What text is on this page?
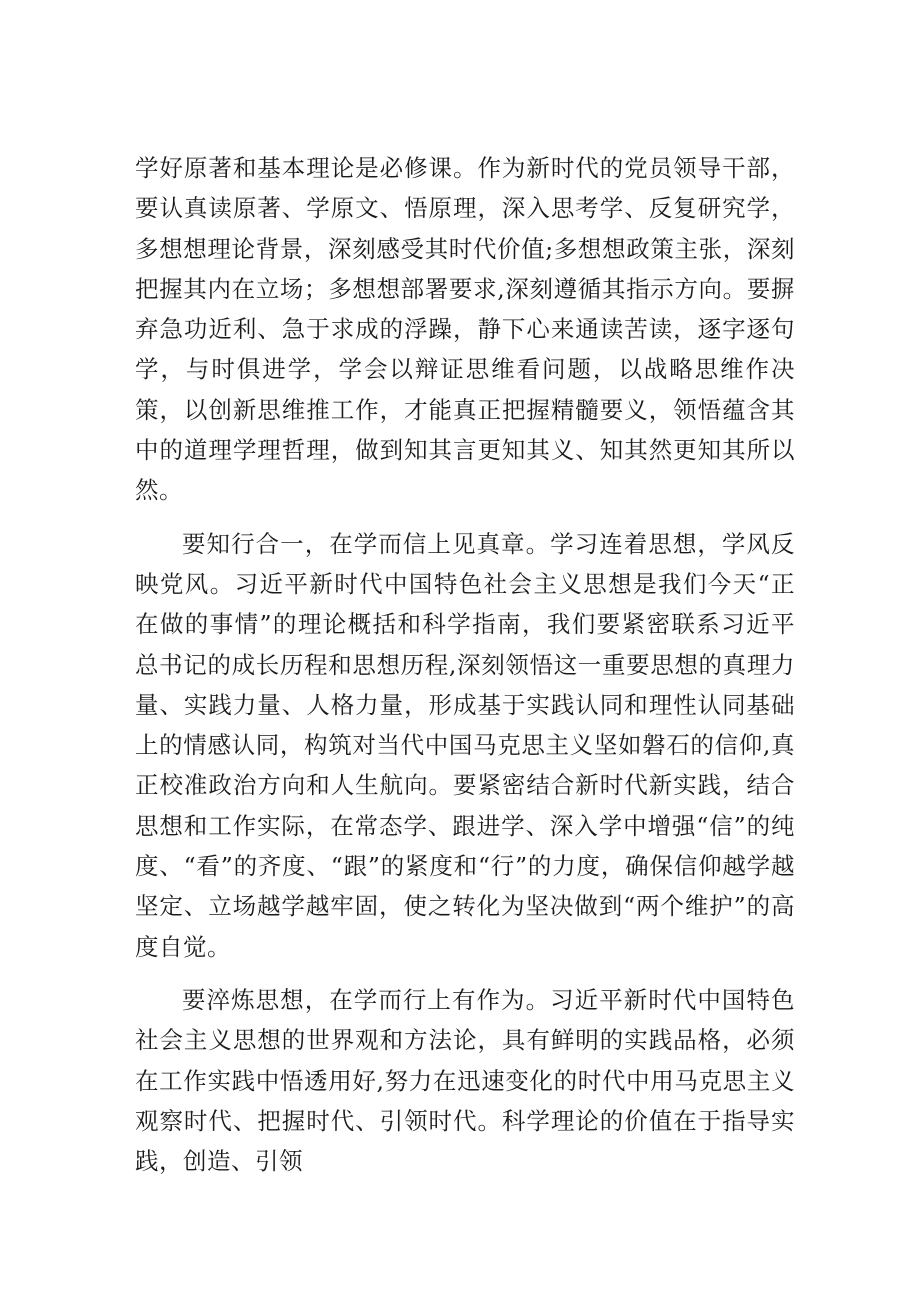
学好原著和基本理论是必修课。作为新时代的党员领导干部，要认真读原著、学原文、悟原理，深入思考学、反复研究学，多想想理论背景，深刻感受其时代价值;多想想政策主张，深刻把握其内在立场；多想想部署要求,深刻遵循其指示方向。要摒弃急功近利、急于求成的浮躁，静下心来通读苦读，逐字逐句学，与时俱进学，学会以辩证思维看问题，以战略思维作决策，以创新思维推工作，才能真正把握精髓要义，领悟蕴含其中的道理学理哲理，做到知其言更知其义、知其然更知其所以然。

要知行合一，在学而信上见真章。学习连着思想，学风反映党风。习近平新时代中国特色社会主义思想是我们今天“正在做的事情”的理论概括和科学指南，我们要紧密联系习近平总书记的成长历程和思想历程,深刻领悟这一重要思想的真理力量、实践力量、人格力量，形成基于实践认同和理性认同基础上的情感认同，构筑对当代中国马克思主义坚如磐石的信仰,真正校准政治方向和人生航向。要紧密结合新时代新实践，结合思想和工作实际，在常态学、跟进学、深入学中增强“信”的纯度、“看”的齐度、“跟”的紧度和“行”的力度，确保信仰越学越坚定、立场越学越牢固，使之转化为坚决做到“两个维护”的高度自觉。

要淬炼思想，在学而行上有作为。习近平新时代中国特色社会主义思想的世界观和方法论，具有鲜明的实践品格，必须在工作实践中悟透用好,努力在迅速变化的时代中用马克思主义观察时代、把握时代、引领时代。科学理论的价值在于指导实践，创造、引领
